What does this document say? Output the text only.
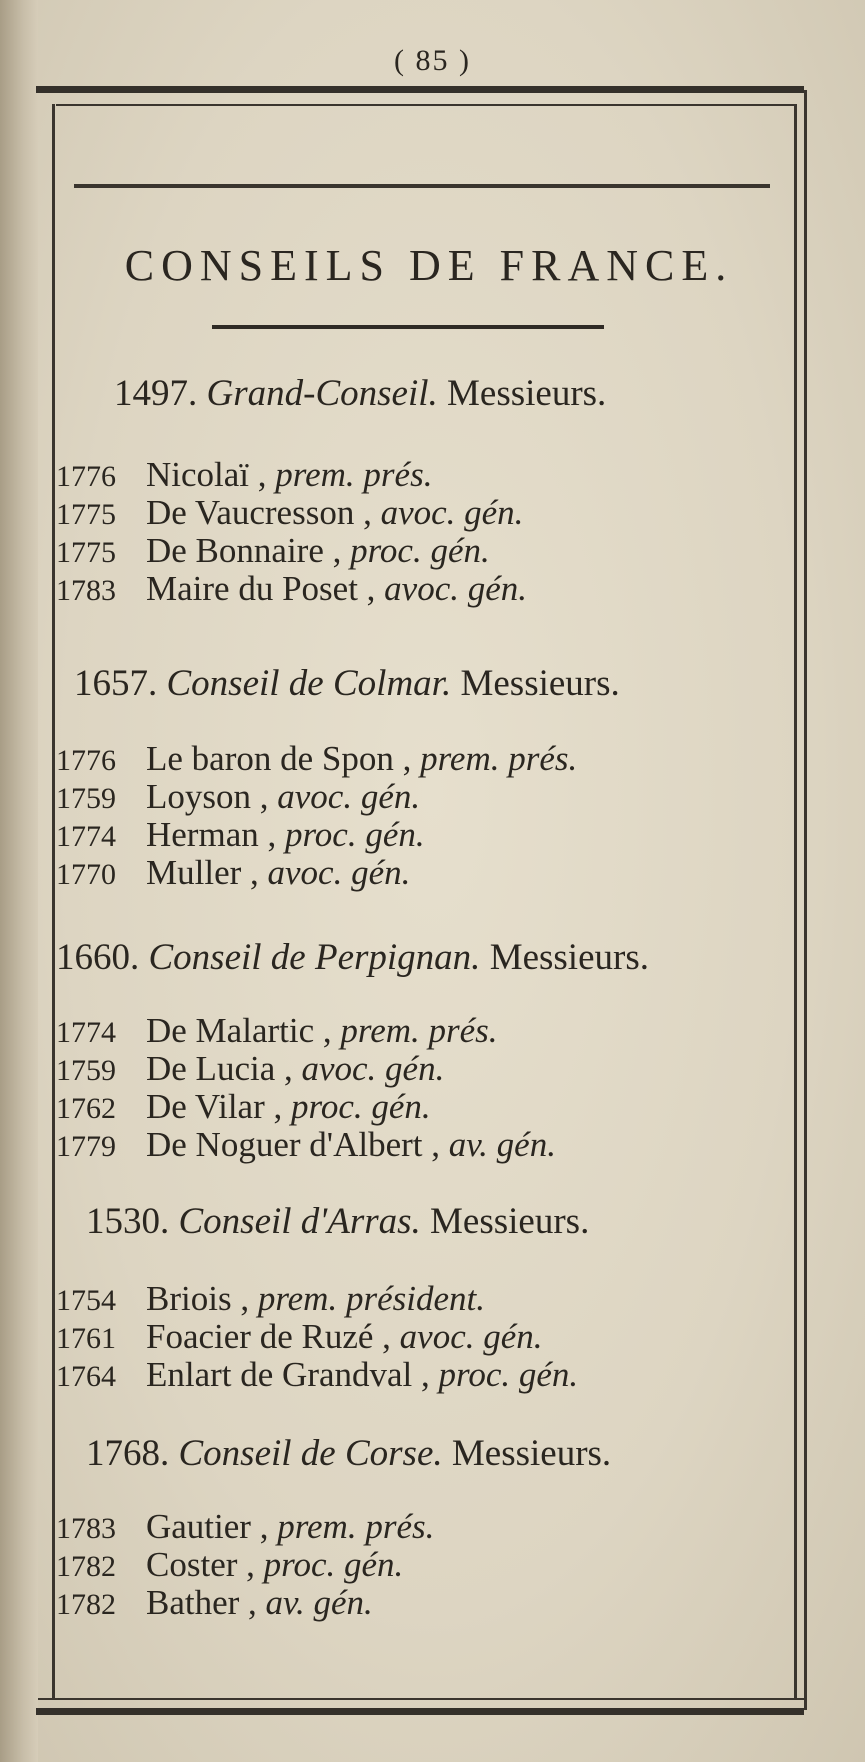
( 85 )
CONSEILS DE FRANCE.
1497. Grand-Conseil. Messieurs.
1776 Nicolaï , prem. prés.
1775 De Vaucresson , avoc. gén.
1775 De Bonnaire , proc. gén.
1783 Maire du Poset , avoc. gén.
1657. Conseil de Colmar. Messieurs.
1776 Le baron de Spon , prem. prés.
1759 Loyson , avoc. gén.
1774 Herman , proc. gén.
1770 Muller , avoc. gén.
1660. Conseil de Perpignan. Messieurs.
1774 De Malartic , prem. prés.
1759 De Lucia , avoc. gén.
1762 De Vilar , proc. gén.
1779 De Noguer d'Albert , av. gén.
1530. Conseil d'Arras. Messieurs.
1754 Briois , prem. président.
1761 Foacier de Ruzé , avoc. gén.
1764 Enlart de Grandval , proc. gén.
1768. Conseil de Corse. Messieurs.
1783 Gautier , prem. prés.
1782 Coster , proc. gén.
1782 Bather , av. gén.
